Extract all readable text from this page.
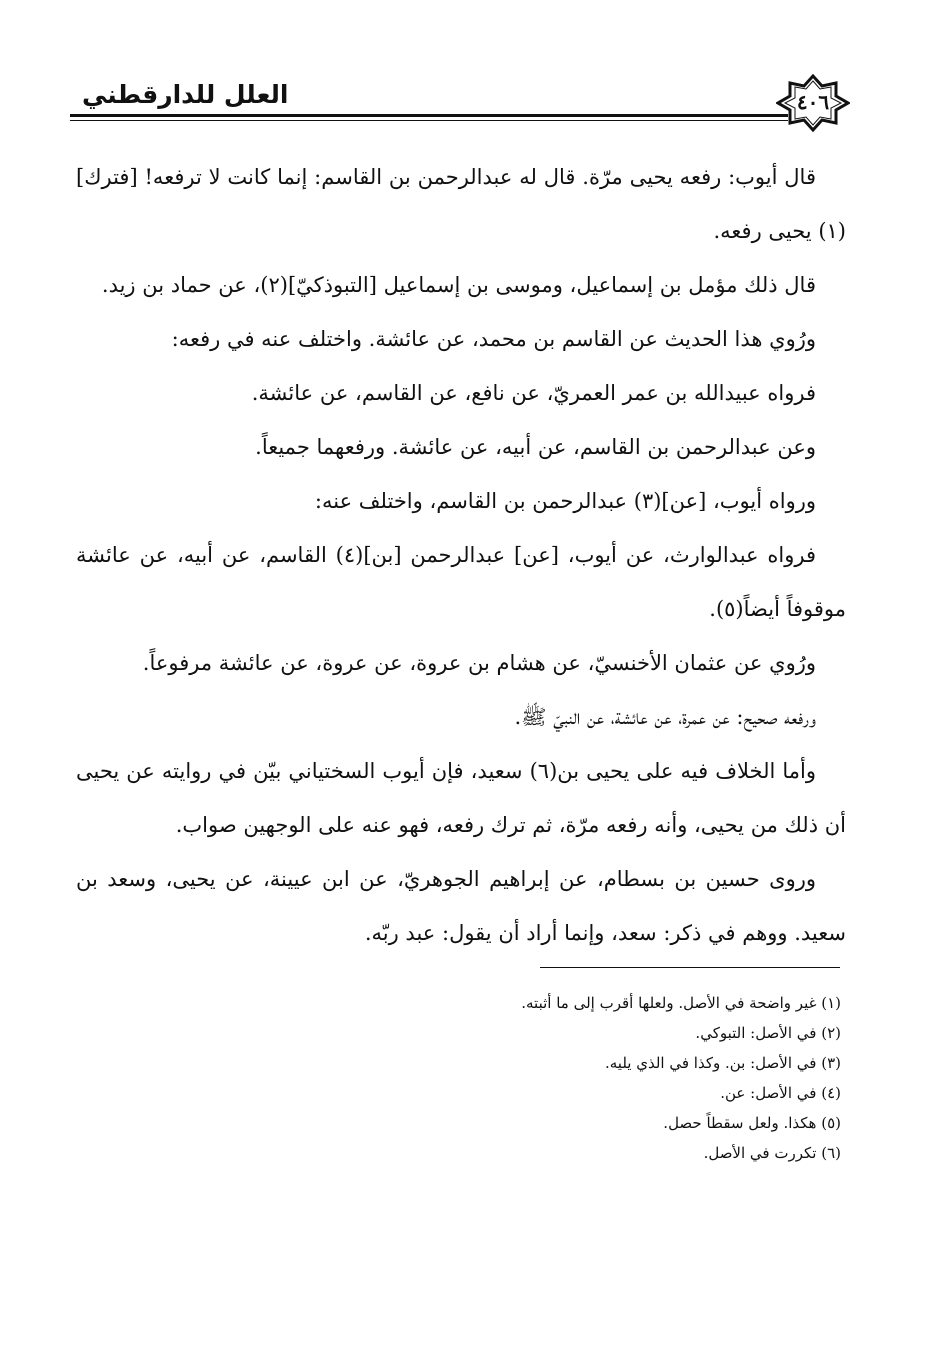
العلل للدارقطني	٤٠٦

قال أيوب: رفعه يحيى مرّة. قال له عبدالرحمن بن القاسم: إنما كانت لا ترفعه! [فترك](١) يحيى رفعه.

قال ذلك مؤمل بن إسماعيل، وموسى بن إسماعيل [التبوذكيّ](٢)، عن حماد بن زيد.

ورُوي هذا الحديث عن القاسم بن محمد، عن عائشة. واختلف عنه في رفعه:

فرواه عبيدالله بن عمر العمريّ، عن نافع، عن القاسم، عن عائشة.

وعن عبدالرحمن بن القاسم، عن أبيه، عن عائشة. ورفعهما جميعاً.

ورواه أيوب، [عن](٣) عبدالرحمن بن القاسم، واختلف عنه:

فرواه عبدالوارث، عن أيوب، [عن] عبدالرحمن [بن](٤) القاسم، عن أبيه، عن عائشة موقوفاً أيضاً(٥).

ورُوي عن عثمان الأخنسيّ، عن هشام بن عروة، عن عروة، عن عائشة مرفوعاً.

ورفعه صحيح: عن عمرة، عن عائشة، عن النبيّ ﷺ.

وأما الخلاف فيه على يحيى بن(٦) سعيد، فإن أيوب السختياني بيّن في روايته عن يحيى أن ذلك من يحيى، وأنه رفعه مرّة، ثم ترك رفعه، فهو عنه على الوجهين صواب.

وروى حسين بن بسطام، عن إبراهيم الجوهريّ، عن ابن عيينة، عن يحيى، وسعد بن سعيد. ووهم في ذكر: سعد، وإنما أراد أن يقول: عبد ربّه.

(١) غير واضحة في الأصل. ولعلها أقرب إلى ما أثبته.
(٢) في الأصل: التبوكي.
(٣) في الأصل: بن. وكذا في الذي يليه.
(٤) في الأصل: عن.
(٥) هكذا. ولعل سقطاً حصل.
(٦) تكررت في الأصل.
